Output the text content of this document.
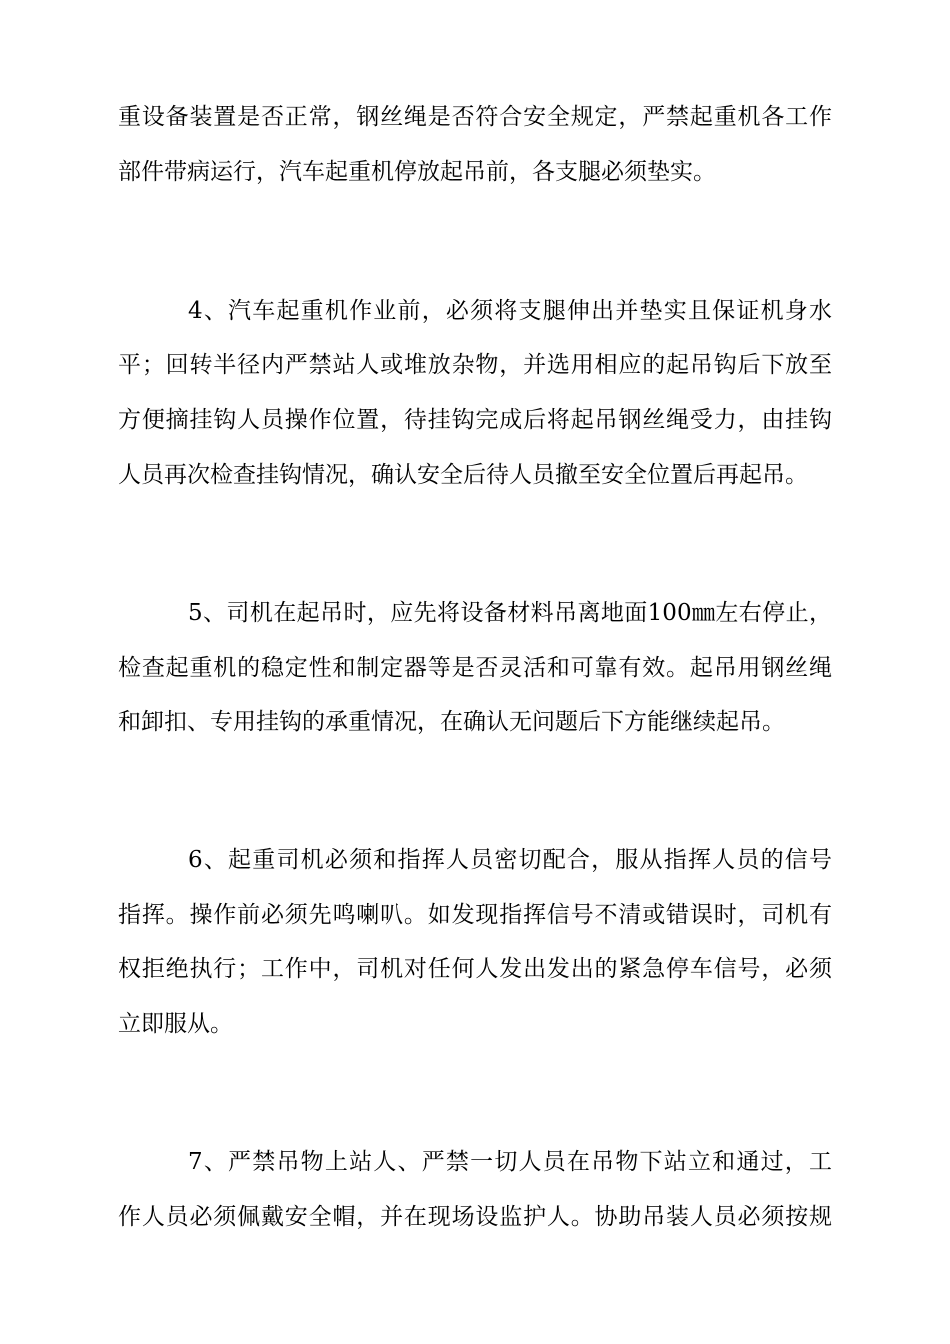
重设备装置是否正常，钢丝绳是否符合安全规定，严禁起重机各工作
部件带病运行，汽车起重机停放起吊前，各支腿必须垫实。
4、汽车起重机作业前，必须将支腿伸出并垫实且保证机身水
平；回转半径内严禁站人或堆放杂物，并选用相应的起吊钩后下放至
方便摘挂钩人员操作位置，待挂钩完成后将起吊钢丝绳受力，由挂钩
人员再次检查挂钩情况，确认安全后待人员撤至安全位置后再起吊。
5、司机在起吊时，应先将设备材料吊离地面100㎜左右停止，
检查起重机的稳定性和制定器等是否灵活和可靠有效。起吊用钢丝绳
和卸扣、专用挂钩的承重情况，在确认无问题后下方能继续起吊。
6、起重司机必须和指挥人员密切配合，服从指挥人员的信号
指挥。操作前必须先鸣喇叭。如发现指挥信号不清或错误时，司机有
权拒绝执行；工作中，司机对任何人发出发出的紧急停车信号，必须
立即服从。
7、严禁吊物上站人、严禁一切人员在吊物下站立和通过，工
作人员必须佩戴安全帽，并在现场设监护人。协助吊装人员必须按规
